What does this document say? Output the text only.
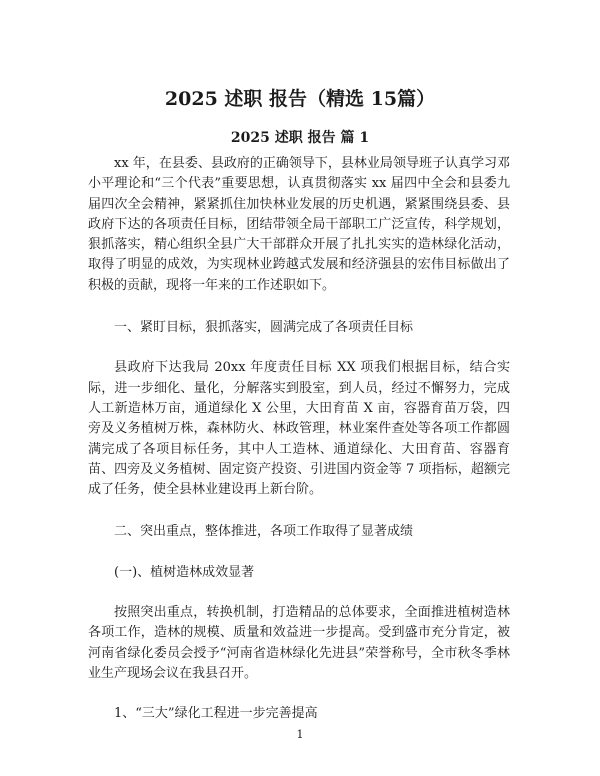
2025 述职 报告（精选 15篇）
2025 述职 报告 篇 1

xx 年，在县委、县政府的正确领导下，县林业局领导班子认真学习邓小平理论和“三个代表”重要思想，认真贯彻落实 xx 届四中全会和县委九届四次全会精神，紧紧抓住加快林业发展的历史机遇，紧紧围绕县委、县政府下达的各项责任目标，团结带领全局干部职工广泛宣传，科学规划，狠抓落实，精心组织全县广大干部群众开展了扎扎实实的造林绿化活动，取得了明显的成效，为实现林业跨越式发展和经济强县的宏伟目标做出了积极的贡献，现将一年来的工作述职如下。

一、紧盯目标，狠抓落实，圆满完成了各项责任目标

县政府下达我局 20xx 年度责任目标 XX 项我们根据目标，结合实际，进一步细化、量化，分解落实到股室，到人员，经过不懈努力，完成人工新造林万亩，通道绿化 X 公里，大田育苗 X 亩，容器育苗万袋，四旁及义务植树万株，森林防火、林政管理，林业案件查处等各项工作都圆满完成了各项目标任务，其中人工造林、通道绿化、大田育苗、容器育苗、四旁及义务植树、固定资产投资、引进国内资金等 7 项指标，超额完成了任务，使全县林业建设再上新台阶。

二、突出重点，整体推进，各项工作取得了显著成绩

(一)、植树造林成效显著

按照突出重点，转换机制，打造精品的总体要求，全面推进植树造林各项工作，造林的规模、质量和效益进一步提高。受到盛市充分肯定，被河南省绿化委员会授予“河南省造林绿化先进县”荣誉称号，全市秋冬季林业生产现场会议在我县召开。

1、“三大”绿化工程进一步完善提高

1
